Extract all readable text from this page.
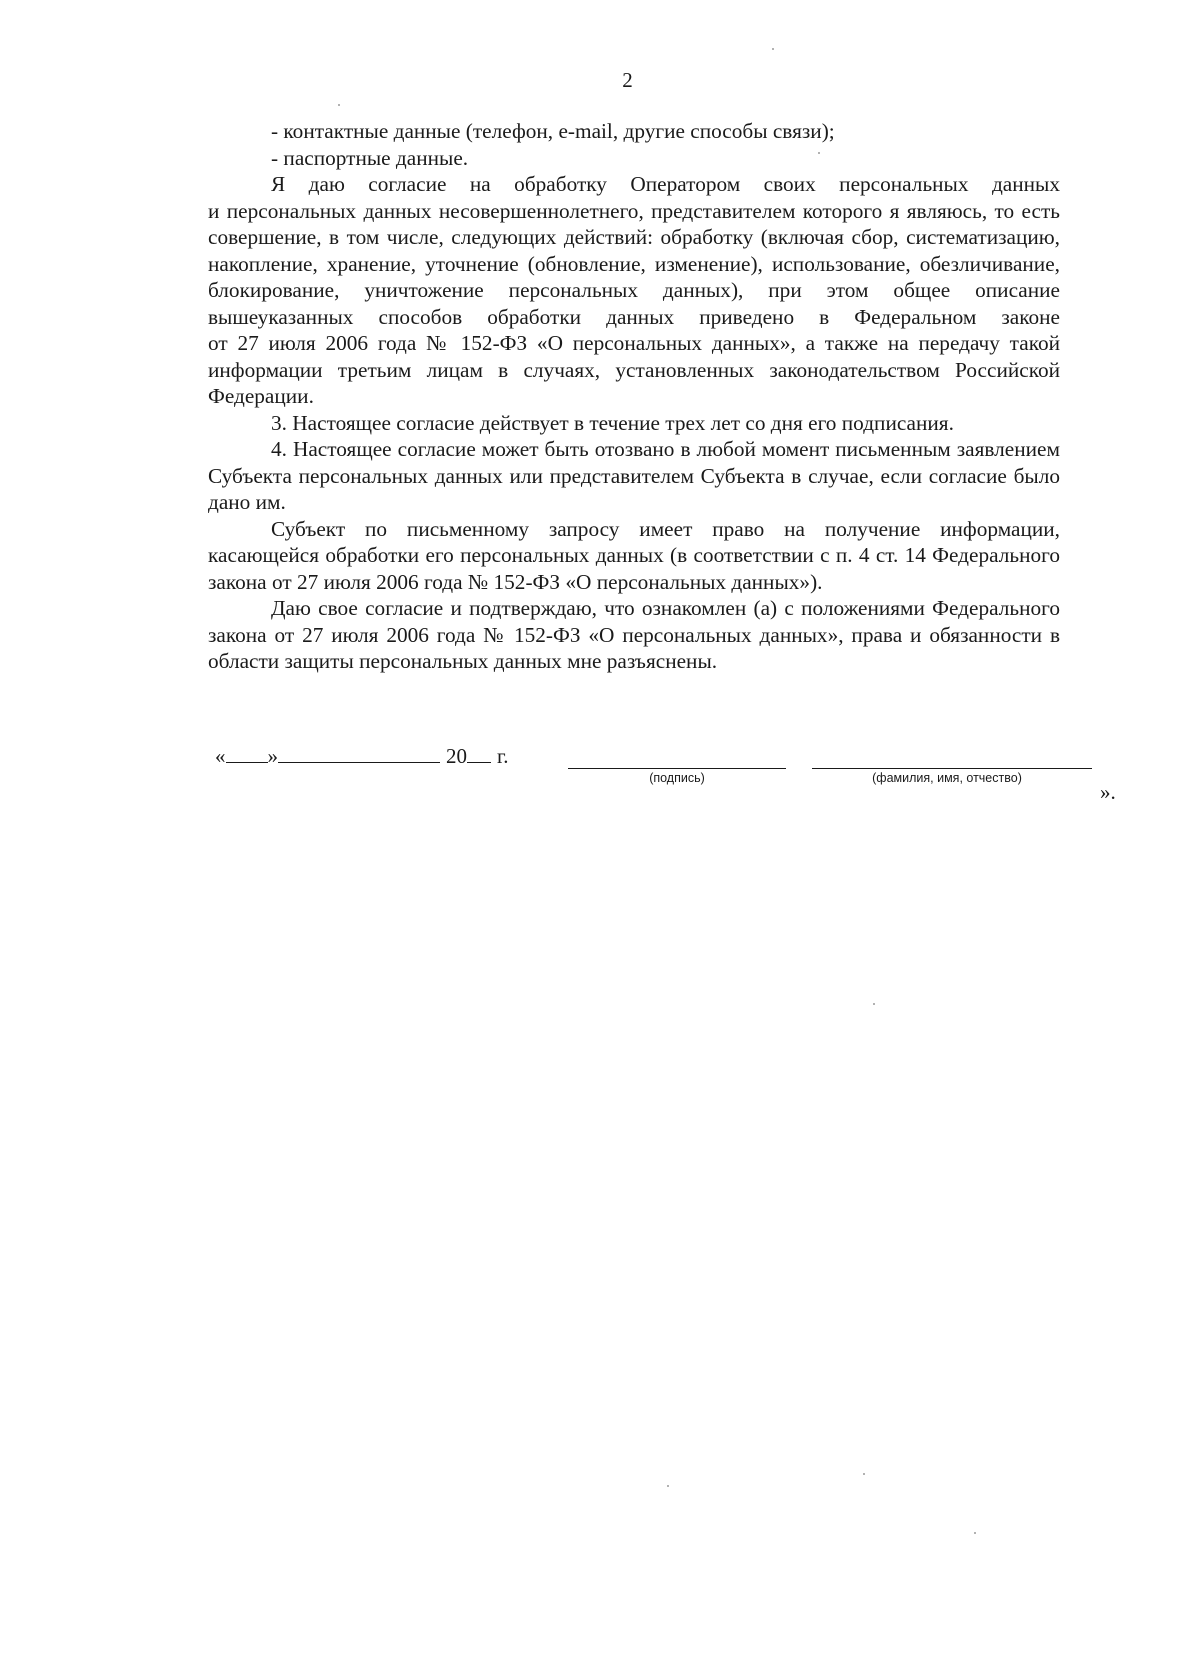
2
- контактные данные (телефон, e-mail, другие способы связи);
- паспортные данные.
Я даю согласие на обработку Оператором своих персональных данных
и персональных данных несовершеннолетнего, представителем которого я являюсь, то есть
совершение, в том числе, следующих действий: обработку (включая сбор, систематизацию,
накопление, хранение, уточнение (обновление, изменение), использование, обезличивание,
блокирование, уничтожение персональных данных), при этом общее описание
вышеуказанных способов обработки данных приведено в Федеральном законе
от 27 июля 2006 года № 152-ФЗ «О персональных данных», а также на передачу такой
информации третьим лицам в случаях, установленных законодательством Российской
Федерации.

3. Настоящее согласие действует в течение трех лет со дня его подписания.

4. Настоящее согласие может быть отозвано в любой момент письменным заявлением Субъекта персональных данных или представителем Субъекта в случае, если согласие было дано им.

Субъект по письменному запросу имеет право на получение информации, касающейся обработки его персональных данных (в соответствии с п. 4 ст. 14 Федерального закона от 27 июля 2006 года № 152-ФЗ «О персональных данных»).

Даю свое согласие и подтверждаю, что ознакомлен (а) с положениями Федерального закона от 27 июля 2006 года № 152-ФЗ «О персональных данных», права и обязанности в области защиты персональных данных мне разъяснены.

« »	20 г.
(подпись)	(фамилия, имя, отчество)
».
